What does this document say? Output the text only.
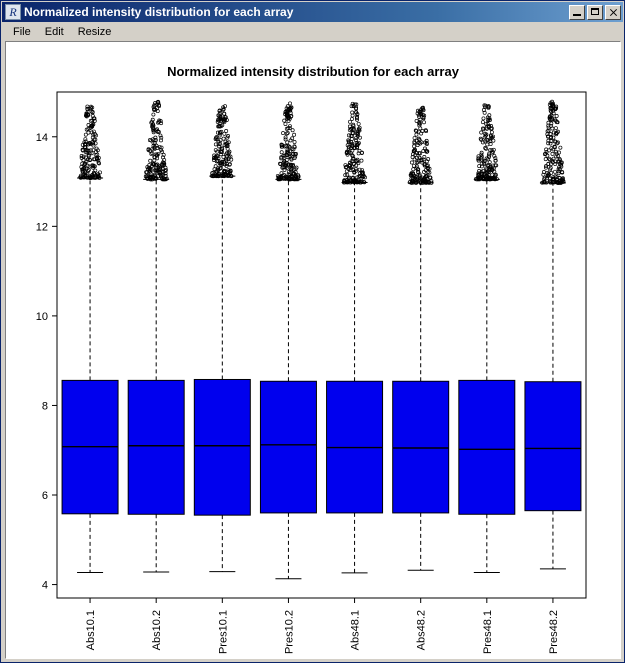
R Normalized intensity distribution for each array
File	Edit	Resize
Normalized intensity distribution for each array
4
6
8
10
12
14
Abs10.1	Abs10.2	Pres10.1	Pres10.2	Abs48.1	Abs48.2	Pres48.1	Pres48.2
